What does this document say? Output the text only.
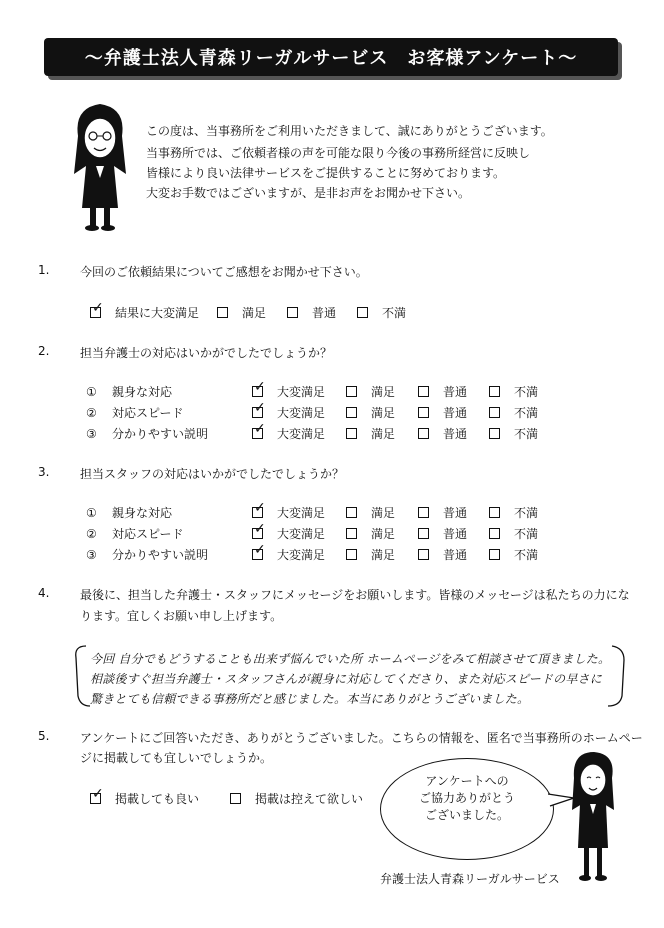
〜弁護士法人青森リーガルサービス　お客様アンケート〜
この度は、当事務所をご利用いただきまして、誠にありがとうございます。
当事務所では、ご依頼者様の声を可能な限り今後の事務所経営に反映し
皆様により良い法律サービスをご提供することに努めております。
大変お手数ではございますが、是非お声をお聞かせ下さい。
1.	今回のご依頼結果についてご感想をお聞かせ下さい。
✓
結果に大変満足	満足	普通	不満
2.	担当弁護士の対応はいかがでしたでしょうか？
① 親身な対応 ✓	大変満足	満足	普通	不満
② 対応スピード ✓	大変満足	満足	普通	不満
③ 分かりやすい説明 ✓	大変満足	満足	普通	不満
3.	担当スタッフの対応はいかがでしたでしょうか？
① 親身な対応 ✓	大変満足	満足	普通	不満
② 対応スピード ✓	大変満足	満足	普通	不満
③ 分かりやすい説明 ✓	大変満足	満足	普通	不満
4.	最後に、担当した弁護士・スタッフにメッセージをお願いします。皆様のメッセージは私たちの力にな
ります。宜しくお願い申し上げます。
今回 自分でもどうすることも出来ず悩んでいた所 ホームページをみて相談させて頂きました。
相談後すぐ担当弁護士・スタッフさんが親身に対応してくださり、また対応スピードの早さに
驚きとても信頼できる事務所だと感じました。本当にありがとうございました。
5.	アンケートにご回答いただき、ありがとうございました。こちらの情報を、匿名で当事務所のホームペー
ジに掲載しても宜しいでしょうか。
✓
掲載しても良い	掲載は控えて欲しい
アンケートへの
ご協力ありがとう
ございました。
弁護士法人青森リーガルサービス
